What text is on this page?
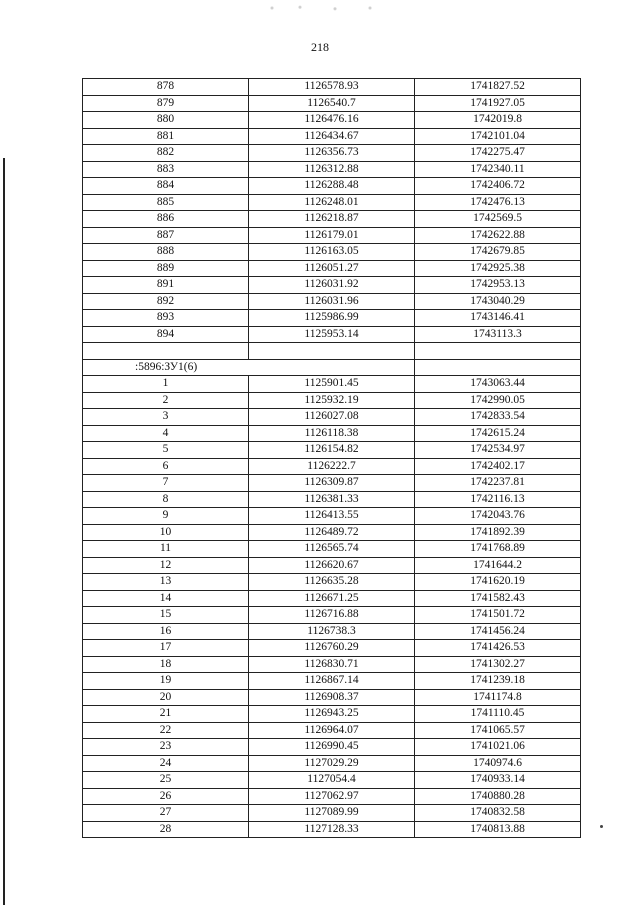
218
878	1126578.93	1741827.52
879	1126540.7	1741927.05
880	1126476.16	1742019.8
881	1126434.67	1742101.04
882	1126356.73	1742275.47
883	1126312.88	1742340.11
884	1126288.48	1742406.72
885	1126248.01	1742476.13
886	1126218.87	1742569.5
887	1126179.01	1742622.88
888	1126163.05	1742679.85
889	1126051.27	1742925.38
891	1126031.92	1742953.13
892	1126031.96	1743040.29
893	1125986.99	1743146.41
894	1125953.14	1743113.3

:5896:ЗУ1(6)		
1	1125901.45	1743063.44
2	1125932.19	1742990.05
3	1126027.08	1742833.54
4	1126118.38	1742615.24
5	1126154.82	1742534.97
6	1126222.7	1742402.17
7	1126309.87	1742237.81
8	1126381.33	1742116.13
9	1126413.55	1742043.76
10	1126489.72	1741892.39
11	1126565.74	1741768.89
12	1126620.67	1741644.2
13	1126635.28	1741620.19
14	1126671.25	1741582.43
15	1126716.88	1741501.72
16	1126738.3	1741456.24
17	1126760.29	1741426.53
18	1126830.71	1741302.27
19	1126867.14	1741239.18
20	1126908.37	1741174.8
21	1126943.25	1741110.45
22	1126964.07	1741065.57
23	1126990.45	1741021.06
24	1127029.29	1740974.6
25	1127054.4	1740933.14
26	1127062.97	1740880.28
27	1127089.99	1740832.58
28	1127128.33	1740813.88
